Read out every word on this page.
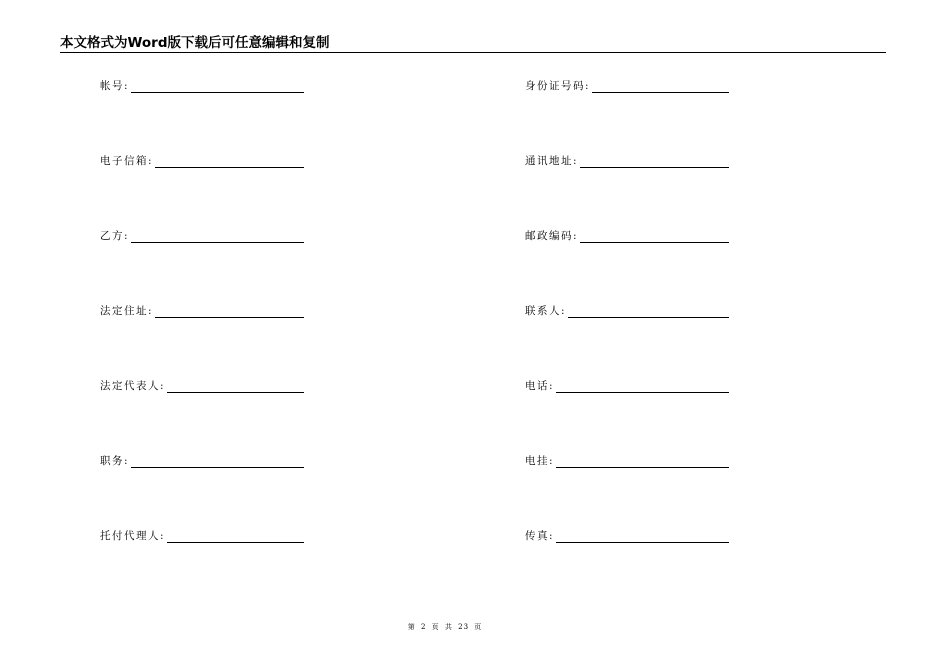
本文格式为Word版下载后可任意编辑和复制
帐号:
电子信箱:
乙方:
法定住址:
法定代表人:
职务:
托付代理人:
身份证号码:
通讯地址:
邮政编码:
联系人:
电话:
电挂:
传真:
第 2 页 共 23 页
